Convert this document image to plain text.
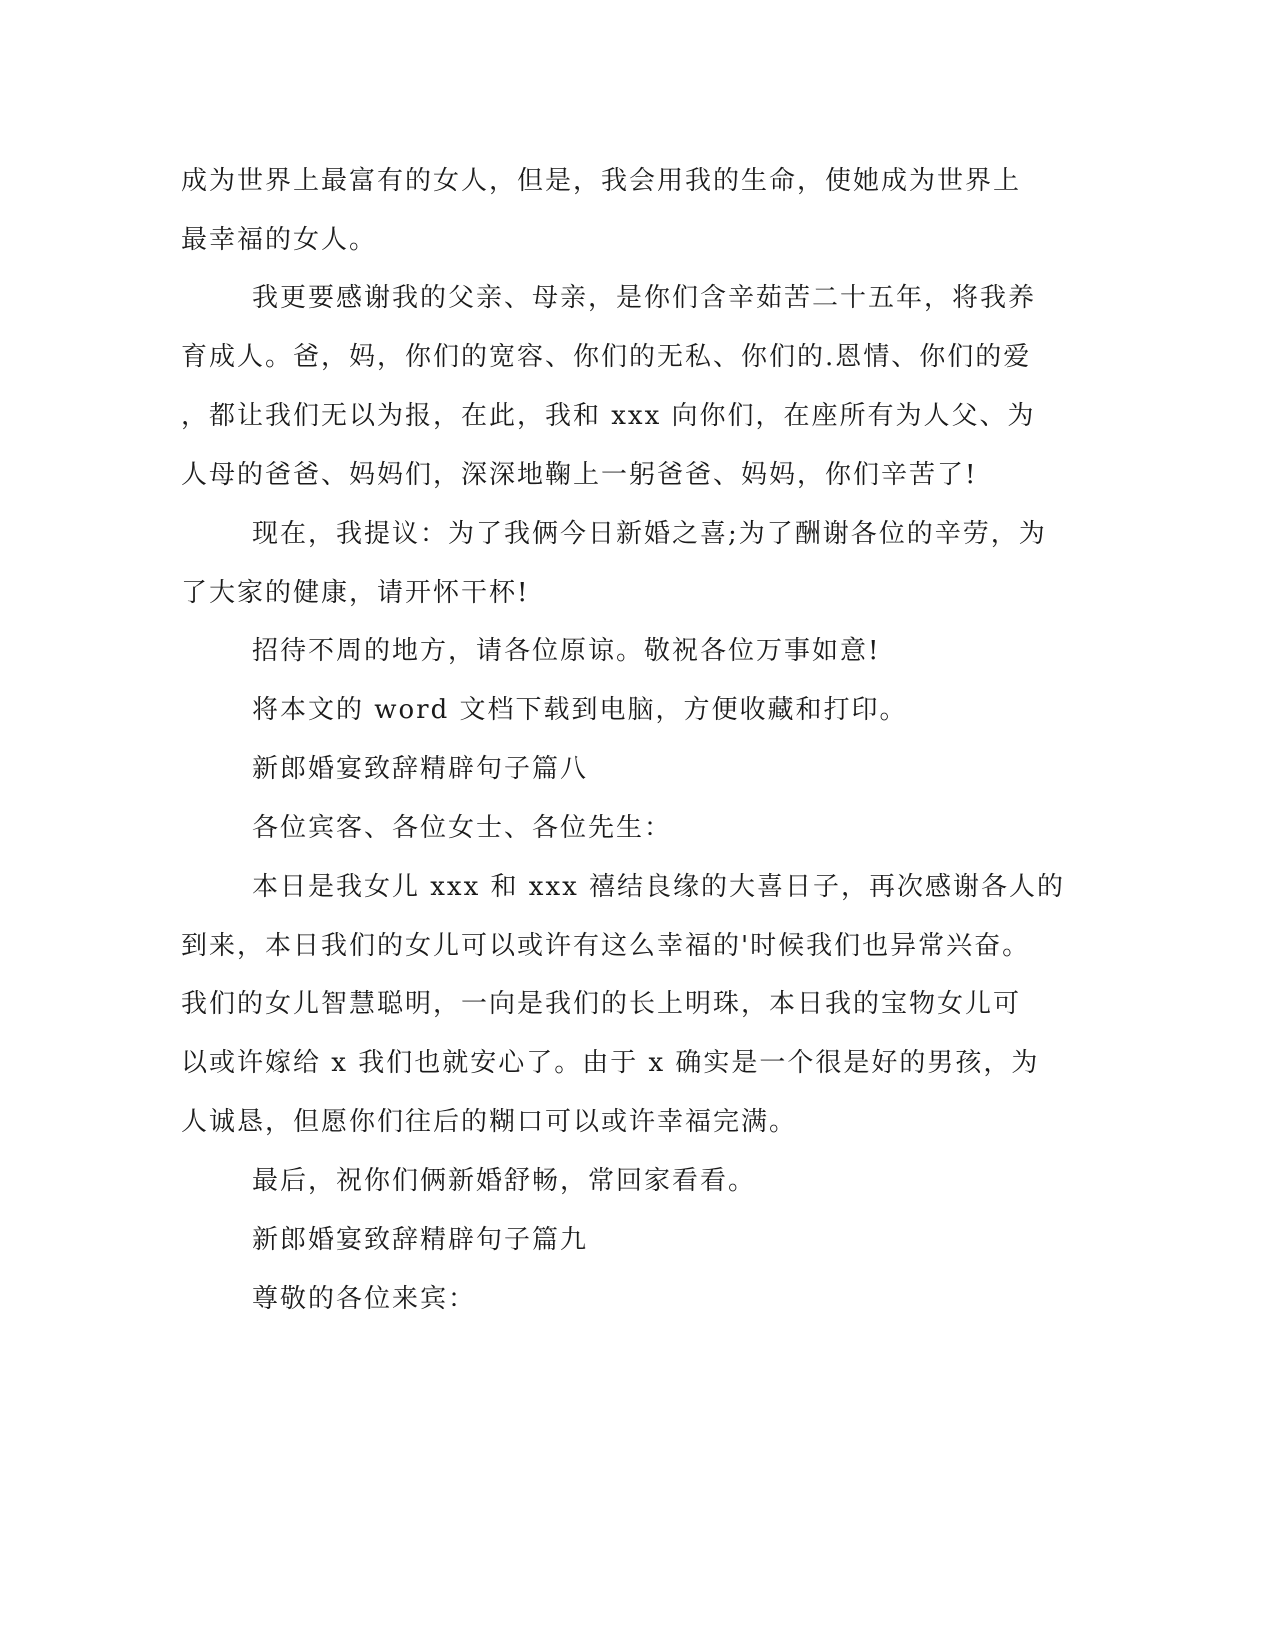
成为世界上最富有的女人，但是，我会用我的生命，使她成为世界上
最幸福的女人。
我更要感谢我的父亲、母亲，是你们含辛茹苦二十五年，将我养
育成人。爸，妈，你们的宽容、你们的无私、你们的.恩情、你们的爱
，都让我们无以为报，在此，我和 xxx 向你们，在座所有为人父、为
人母的爸爸、妈妈们，深深地鞠上一躬爸爸、妈妈，你们辛苦了!
现在，我提议：为了我俩今日新婚之喜;为了酬谢各位的辛劳，为
了大家的健康，请开怀干杯!
招待不周的地方，请各位原谅。敬祝各位万事如意!
将本文的 word 文档下载到电脑，方便收藏和打印。
新郎婚宴致辞精辟句子篇八
各位宾客、各位女士、各位先生：
本日是我女儿 xxx 和 xxx 禧结良缘的大喜日子，再次感谢各人的
到来，本日我们的女儿可以或许有这么幸福的'时候我们也异常兴奋。
我们的女儿智慧聪明，一向是我们的长上明珠，本日我的宝物女儿可
以或许嫁给 x 我们也就安心了。由于 x 确实是一个很是好的男孩，为
人诚恳，但愿你们往后的糊口可以或许幸福完满。
最后，祝你们俩新婚舒畅，常回家看看。
新郎婚宴致辞精辟句子篇九
尊敬的各位来宾：
